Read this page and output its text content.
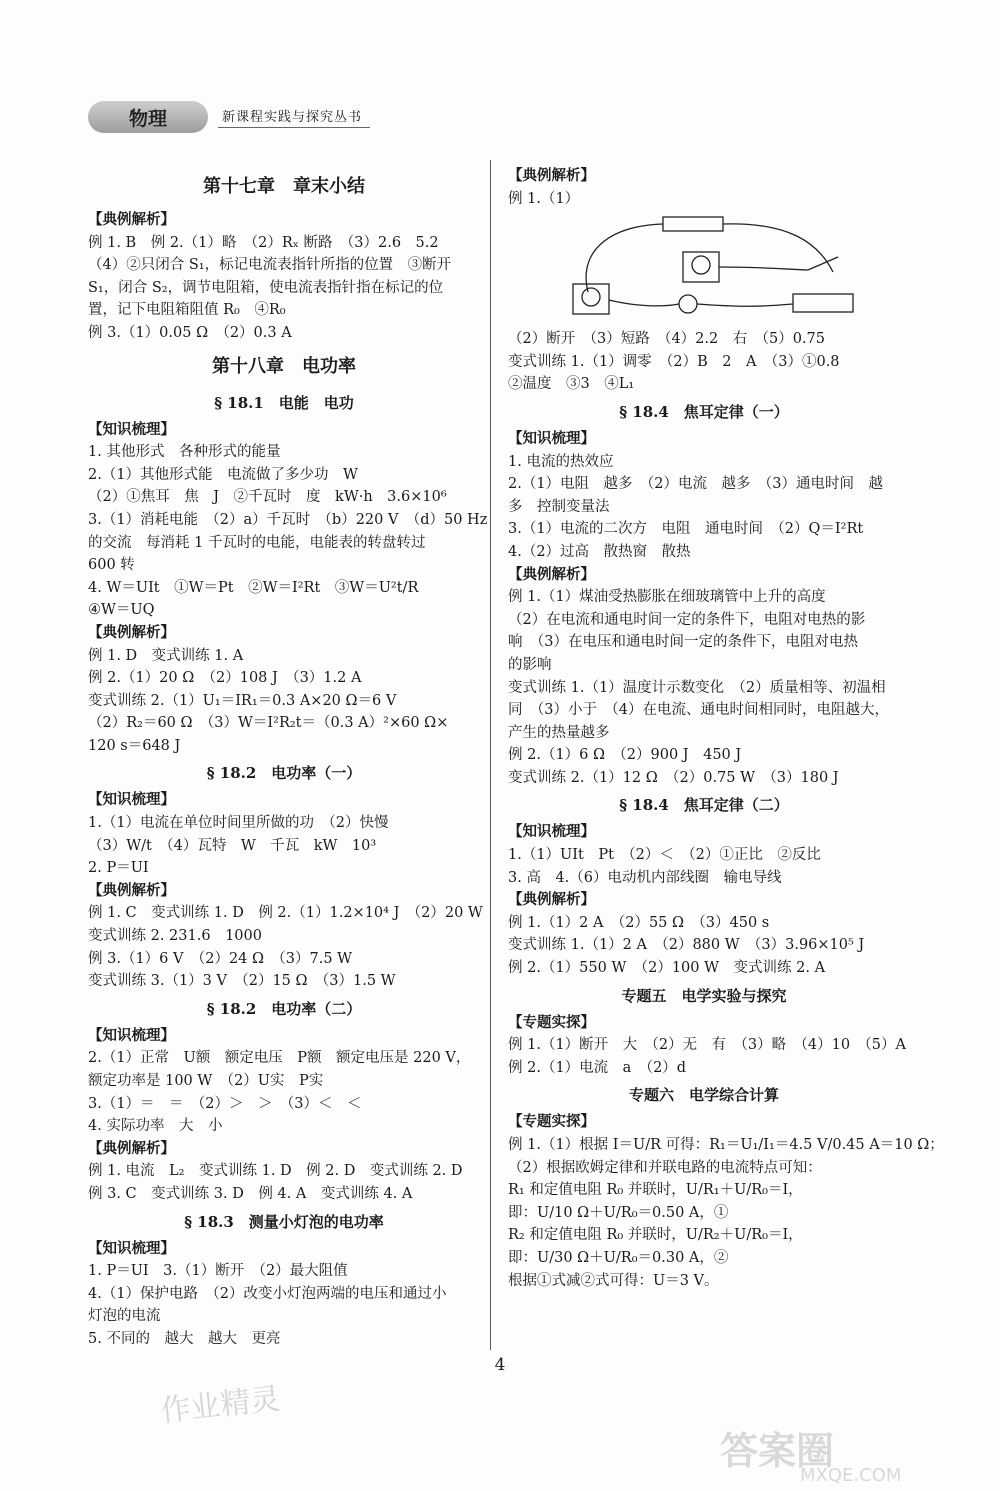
物理	新课程实践与探究丛书
第十七章　章末小结
【典例解析】
例 1. B　例 2.（1）略　（2）Rₓ 断路　（3）2.6　5.2
（4）②只闭合 S₁，标记电流表指针所指的位置　③断开
S₁，闭合 S₂，调节电阻箱，使电流表指针指在标记的位
置，记下电阻箱阻值 R₀　④R₀
例 3.（1）0.05 Ω　（2）0.3 A
第十八章　电功率
§ 18.1　电能　电功
【知识梳理】
1. 其他形式　各种形式的能量
2.（1）其他形式能　电流做了多少功　W
（2）①焦耳　焦　J　②千瓦时　度　kW·h　3.6×10⁶
3.（1）消耗电能　（2）a）千瓦时　（b）220 V　（d）50 Hz
的交流　每消耗 1 千瓦时的电能，电能表的转盘转过
600 转
4. W＝UIt　①W＝Pt　②W＝I²Rt　③W＝U²t/R
④W＝UQ
【典例解析】
例 1. D　变式训练 1. A
例 2.（1）20 Ω　（2）108 J　（3）1.2 A
变式训练 2.（1）U₁＝IR₁＝0.3 A×20 Ω＝6 V
（2）R₂＝60 Ω　（3）W＝I²R₂t＝（0.3 A）²×60 Ω×
120 s＝648 J
§ 18.2　电功率（一）
【知识梳理】
1.（1）电流在单位时间里所做的功　（2）快慢
（3）W/t　（4）瓦特　W　千瓦　kW　10³
2. P＝UI
【典例解析】
例 1. C　变式训练 1. D　例 2.（1）1.2×10⁴ J　（2）20 W
变式训练 2. 231.6　1000
例 3.（1）6 V　（2）24 Ω　（3）7.5 W
变式训练 3.（1）3 V　（2）15 Ω　（3）1.5 W
§ 18.2　电功率（二）
【知识梳理】
2.（1）正常　U额　额定电压　P额　额定电压是 220 V，
额定功率是 100 W　（2）U实　P实
3.（1）＝　＝　（2）＞　＞　（3）＜　＜
4. 实际功率　大　小
【典例解析】
例 1. 电流　L₂　变式训练 1. D　例 2. D　变式训练 2. D
例 3. C　变式训练 3. D　例 4. A　变式训练 4. A
§ 18.3　测量小灯泡的电功率
【知识梳理】
1. P＝UI　3.（1）断开　（2）最大阻值
4.（1）保护电路　（2）改变小灯泡两端的电压和通过小
灯泡的电流
5. 不同的　越大　越大　更亮
【典例解析】
例 1.（1）
（2）断开　（3）短路　（4）2.2　右　（5）0.75
变式训练 1.（1）调零　（2）B　2　A　（3）①0.8
②温度　③3　④L₁
§ 18.4　焦耳定律（一）
【知识梳理】
1. 电流的热效应
2.（1）电阻　越多　（2）电流　越多　（3）通电时间　越
多　控制变量法
3.（1）电流的二次方　电阻　通电时间　（2）Q＝I²Rt
4.（2）过高　散热窗　散热
【典例解析】
例 1.（1）煤油受热膨胀在细玻璃管中上升的高度
（2）在电流和通电时间一定的条件下，电阻对电热的影
响　（3）在电压和通电时间一定的条件下，电阻对电热
的影响
变式训练 1.（1）温度计示数变化　（2）质量相等、初温相
同　（3）小于　（4）在电流、通电时间相同时，电阻越大，
产生的热量越多
例 2.（1）6 Ω　（2）900 J　450 J
变式训练 2.（1）12 Ω　（2）0.75 W　（3）180 J
§ 18.4　焦耳定律（二）
【知识梳理】
1.（1）UIt　Pt　（2）＜　（2）①正比　②反比
3. 高　4.（6）电动机内部线圈　输电导线
【典例解析】
例 1.（1）2 A　（2）55 Ω　（3）450 s
变式训练 1.（1）2 A　（2）880 W　（3）3.96×10⁵ J
例 2.（1）550 W　（2）100 W　变式训练 2. A
专题五　电学实验与探究
【专题实探】
例 1.（1）断开　大　（2）无　有　（3）略　（4）10　（5）A
例 2.（1）电流　a　（2）d
专题六　电学综合计算
【专题实探】
例 1.（1）根据 I＝U/R 可得：R₁＝U₁/I₁＝4.5 V/0.45 A＝10 Ω；
（2）根据欧姆定律和并联电路的电流特点可知：
R₁ 和定值电阻 R₀ 并联时，U/R₁＋U/R₀＝I，
即：U/10 Ω＋U/R₀＝0.50 A，①
R₂ 和定值电阻 R₀ 并联时，U/R₂＋U/R₀＝I，
即：U/30 Ω＋U/R₀＝0.30 A，②
根据①式减②式可得：U＝3 V。
4
作业精灵
答案圈
MXQE.COM
